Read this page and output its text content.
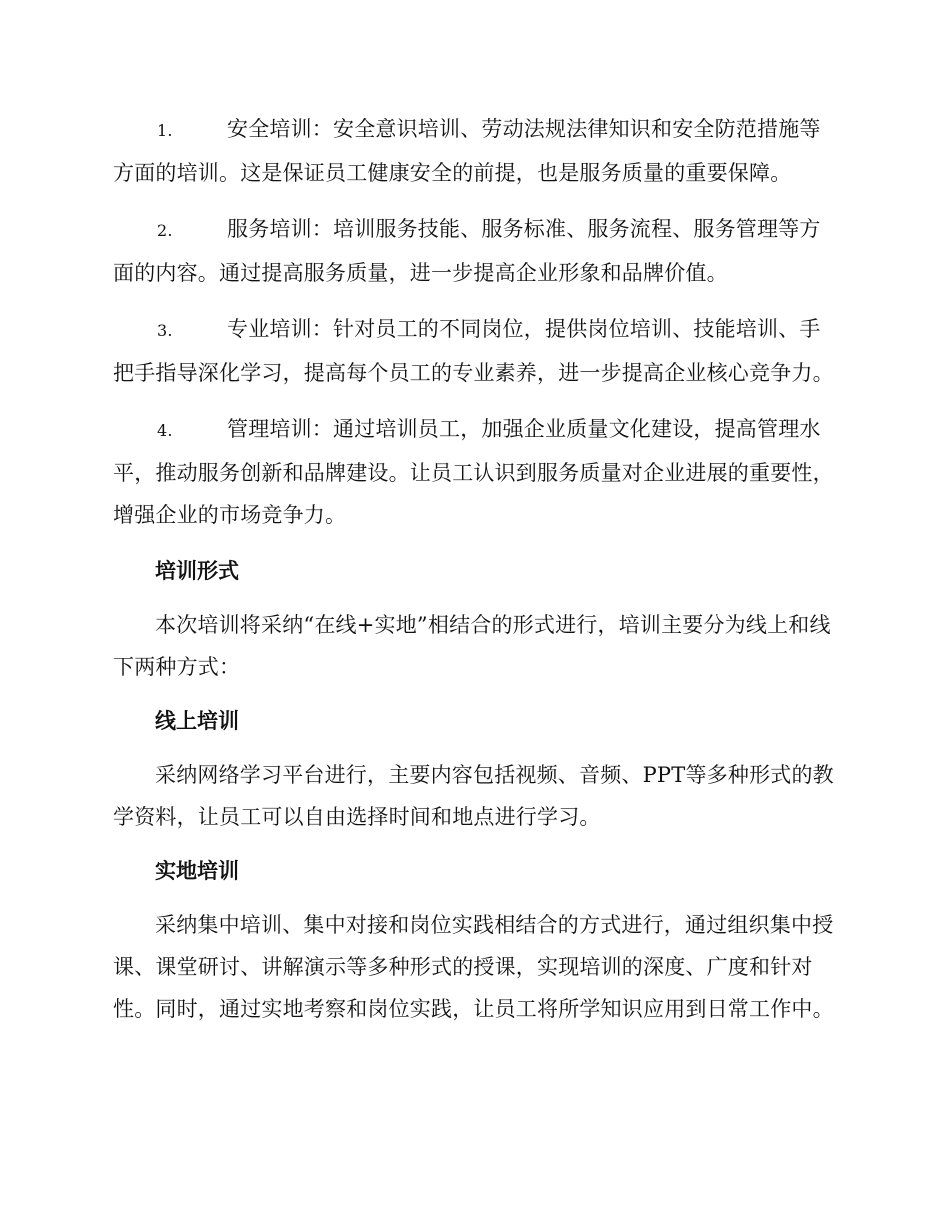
1.	安全培训：安全意识培训、劳动法规法律知识和安全防范措施等方面的培训。这是保证员工健康安全的前提，也是服务质量的重要保障。

2.	服务培训：培训服务技能、服务标准、服务流程、服务管理等方面的内容。通过提高服务质量，进一步提高企业形象和品牌价值。

3.	专业培训：针对员工的不同岗位，提供岗位培训、技能培训、手把手指导深化学习，提高每个员工的专业素养，进一步提高企业核心竞争力。

4.	管理培训：通过培训员工，加强企业质量文化建设，提高管理水平，推动服务创新和品牌建设。让员工认识到服务质量对企业进展的重要性，增强企业的市场竞争力。

培训形式

本次培训将采纳“在线+实地”相结合的形式进行，培训主要分为线上和线下两种方式：

线上培训

采纳网络学习平台进行，主要内容包括视频、音频、PPT等多种形式的教学资料，让员工可以自由选择时间和地点进行学习。

实地培训

采纳集中培训、集中对接和岗位实践相结合的方式进行，通过组织集中授课、课堂研讨、讲解演示等多种形式的授课，实现培训的深度、广度和针对性。同时，通过实地考察和岗位实践，让员工将所学知识应用到日常工作中。
